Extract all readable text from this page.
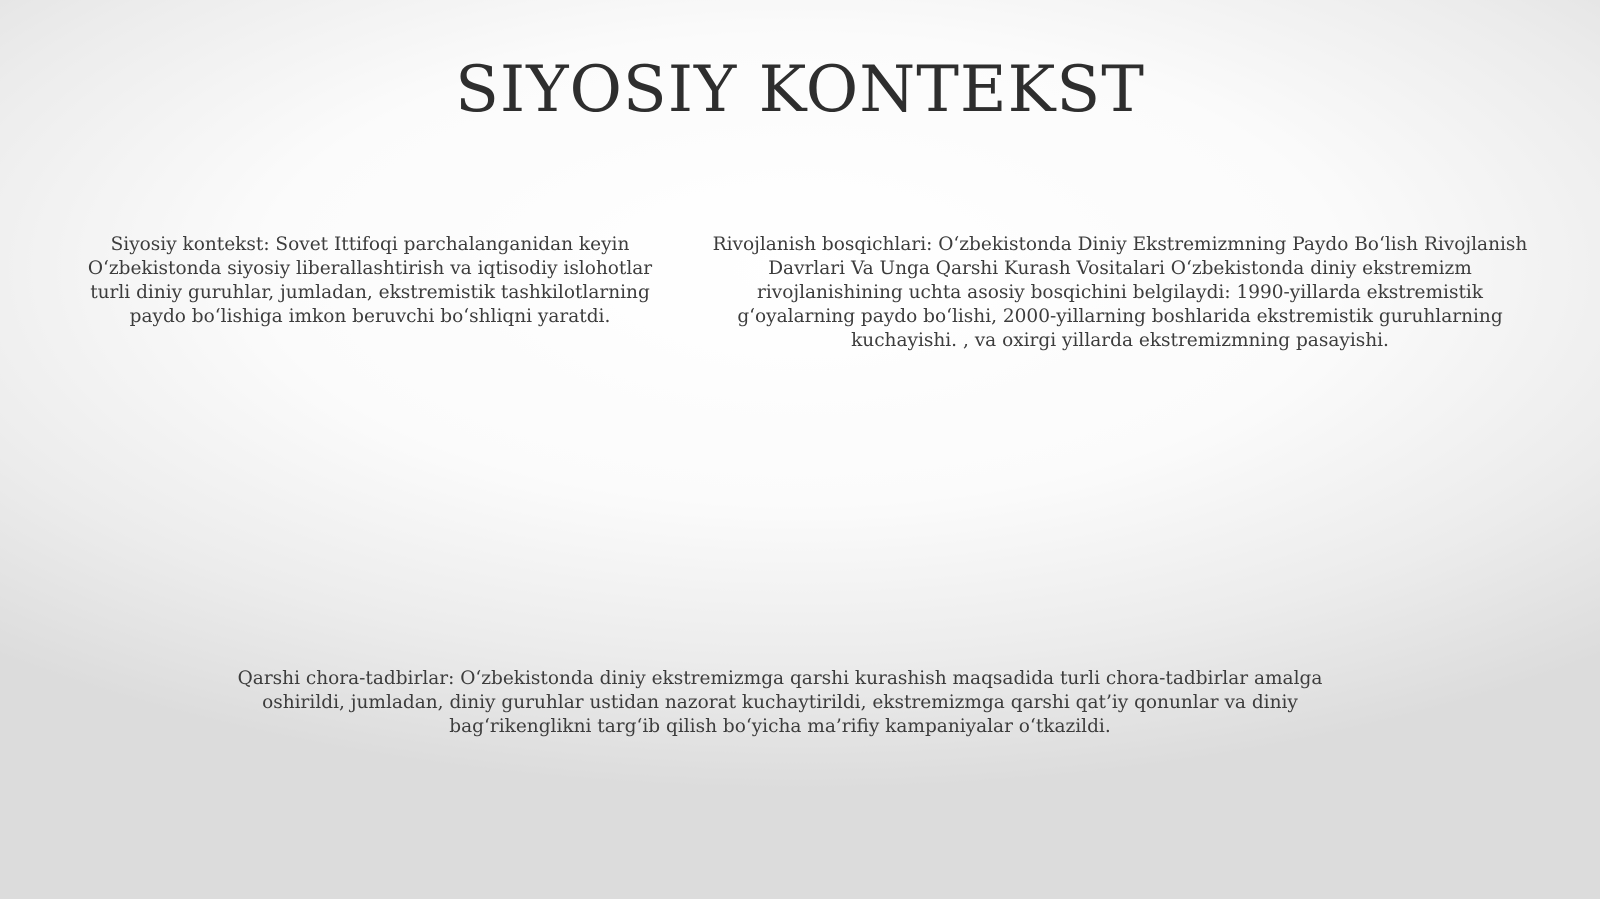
SIYOSIY KONTEKST

Siyosiy kontekst: Sovet Ittifoqi parchalanganidan keyin O‘zbekistonda siyosiy liberallashtirish va iqtisodiy islohotlar turli diniy guruhlar, jumladan, ekstremistik tashkilotlarning paydo bo‘lishiga imkon beruvchi bo‘shliqni yaratdi.

Rivojlanish bosqichlari: O‘zbekistonda Diniy Ekstremizmning Paydo Bo‘lish Rivojlanish Davrlari Va Unga Qarshi Kurash Vositalari O‘zbekistonda diniy ekstremizm rivojlanishining uchta asosiy bosqichini belgilaydi: 1990-yillarda ekstremistik g‘oyalarning paydo bo‘lishi, 2000-yillarning boshlarida ekstremistik guruhlarning kuchayishi. , va oxirgi yillarda ekstremizmning pasayishi.

Qarshi chora-tadbirlar: O‘zbekistonda diniy ekstremizmga qarshi kurashish maqsadida turli chora-tadbirlar amalga oshirildi, jumladan, diniy guruhlar ustidan nazorat kuchaytirildi, ekstremizmga qarshi qat’iy qonunlar va diniy bag‘rikenglikni targ‘ib qilish bo‘yicha ma’rifiy kampaniyalar o‘tkazildi.
